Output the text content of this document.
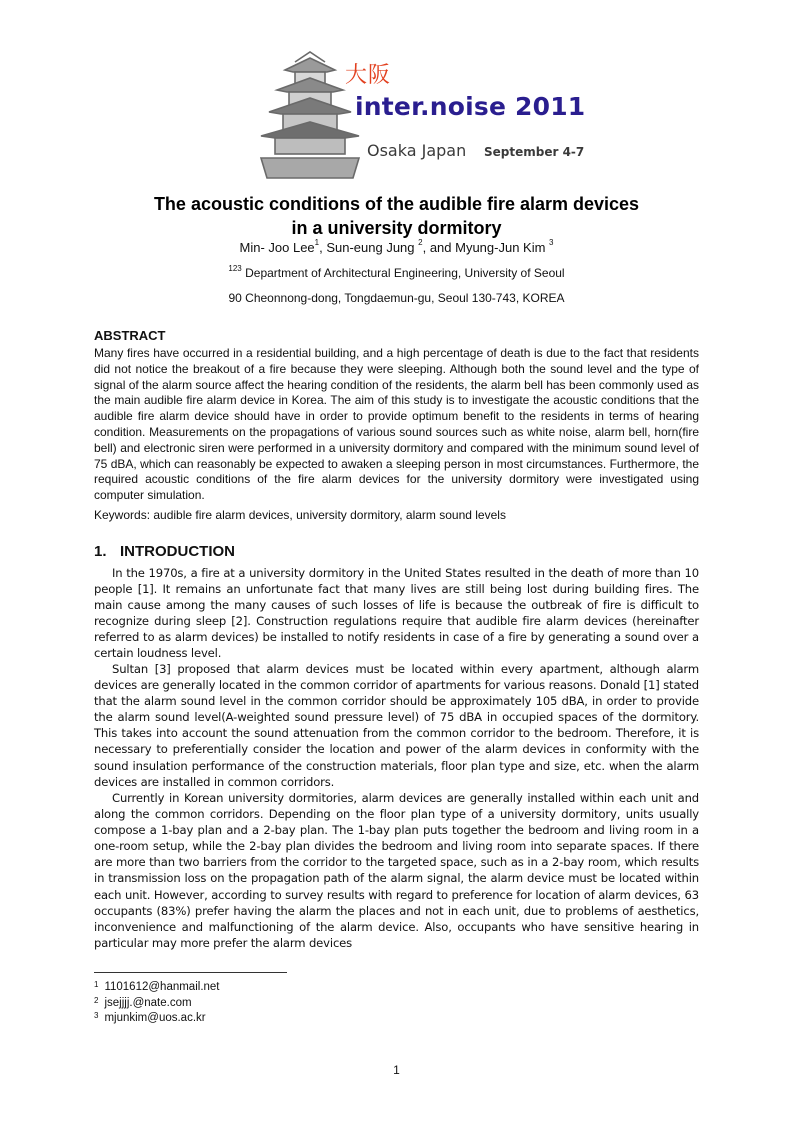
大阪
inter.noise 2011
Osaka Japan September 4-7
The acoustic conditions of the audible fire alarm devices
in a university dormitory
Min- Joo Lee$^1$, Sun-eung Jung $^2$, and Myung-Jun Kim $^3$
$^{123}$ Department of Architectural Engineering, University of Seoul
90 Cheonnong-dong, Tongdaemun-gu, Seoul 130-743, KOREA
ABSTRACT

Many fires have occurred in a residential building, and a high percentage of death is due to the fact that residents did not notice the breakout of a fire because they were sleeping. Although both the sound level and the type of signal of the alarm source affect the hearing condition of the residents, the alarm bell has been commonly used as the main audible fire alarm device in Korea. The aim of this study is to investigate the acoustic conditions that the audible fire alarm device should have in order to provide optimum benefit to the residents in terms of hearing condition. Measurements on the propagations of various sound sources such as white noise, alarm bell, horn(fire bell) and electronic siren were performed in a university dormitory and compared with the minimum sound level of 75 dBA, which can reasonably be expected to awaken a sleeping person in most circumstances. Furthermore, the required acoustic conditions of the fire alarm devices for the university dormitory were investigated using computer simulation.

Keywords: audible fire alarm devices, university dormitory, alarm sound levels

1. INTRODUCTION

In the 1970s, a fire at a university dormitory in the United States resulted in the death of more than 10 people [1]. It remains an unfortunate fact that many lives are still being lost during building fires. The main cause among the many causes of such losses of life is because the outbreak of fire is difficult to recognize during sleep [2]. Construction regulations require that audible fire alarm devices (hereinafter referred to as alarm devices) be installed to notify residents in case of a fire by generating a sound over a certain loudness level.

Sultan [3] proposed that alarm devices must be located within every apartment, although alarm devices are generally located in the common corridor of apartments for various reasons. Donald [1] stated that the alarm sound level in the common corridor should be approximately 105 dBA, in order to provide the alarm sound level(A-weighted sound pressure level) of 75 dBA in occupied spaces of the dormitory. This takes into account the sound attenuation from the common corridor to the bedroom. Therefore, it is necessary to preferentially consider the location and power of the alarm devices in conformity with the sound insulation performance of the construction materials, floor plan type and size, etc. when the alarm devices are installed in common corridors.

Currently in Korean university dormitories, alarm devices are generally installed within each unit and along the common corridors. Depending on the floor plan type of a university dormitory, units usually compose a 1-bay plan and a 2-bay plan. The 1-bay plan puts together the bedroom and living room in a one-room setup, while the 2-bay plan divides the bedroom and living room into separate spaces. If there are more than two barriers from the corridor to the targeted space, such as in a 2-bay room, which results in transmission loss on the propagation path of the alarm signal, the alarm device must be located within each unit. However, according to survey results with regard to preference for location of alarm devices, 63 occupants (83%) prefer having the alarm the places and not in each unit, due to problems of aesthetics, inconvenience and malfunctioning of the alarm device. Also, occupants who have sensitive hearing in particular may more prefer the alarm devices

$^1$ 1101612@hanmail.net
$^2$ jsejjjj.@nate.com
$^3$ mjunkim@uos.ac.kr
1
